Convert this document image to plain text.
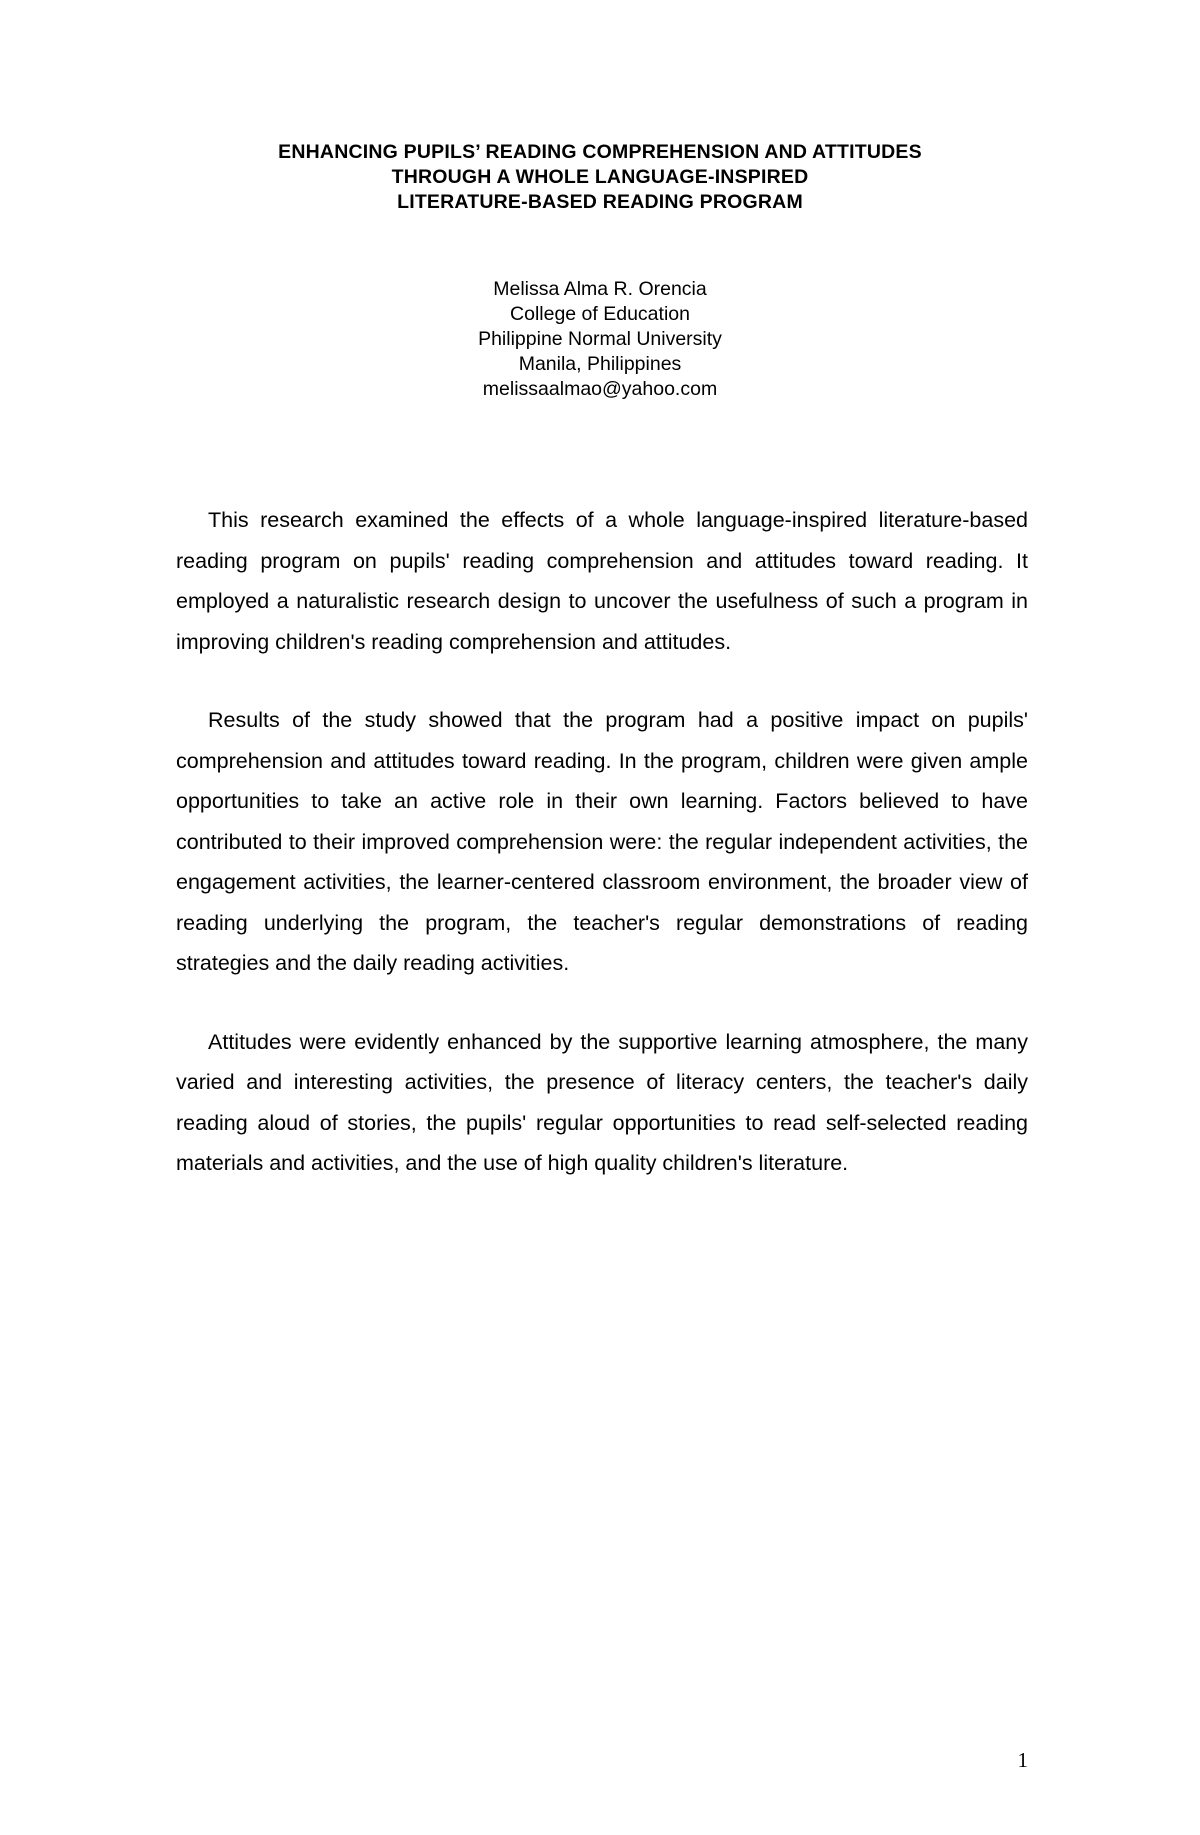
ENHANCING PUPILS’ READING COMPREHENSION AND ATTITUDES
THROUGH A WHOLE LANGUAGE-INSPIRED
LITERATURE-BASED READING PROGRAM
Melissa Alma R. Orencia
College of Education
Philippine Normal University
Manila, Philippines
melissaalmao@yahoo.com

This research examined the effects of a whole language-inspired literature-based reading program on pupils' reading comprehension and attitudes toward reading. It employed a naturalistic research design to uncover the usefulness of such a program in improving children's reading comprehension and attitudes.

Results of the study showed that the program had a positive impact on pupils' comprehension and attitudes toward reading. In the program, children were given ample opportunities to take an active role in their own learning. Factors believed to have contributed to their improved comprehension were: the regular independent activities, the engagement activities, the learner-centered classroom environment, the broader view of reading underlying the program, the teacher's regular demonstrations of reading strategies and the daily reading activities.

Attitudes were evidently enhanced by the supportive learning atmosphere, the many varied and interesting activities, the presence of literacy centers, the teacher's daily reading aloud of stories, the pupils' regular opportunities to read self-selected reading materials and activities, and the use of high quality children's literature.

1
